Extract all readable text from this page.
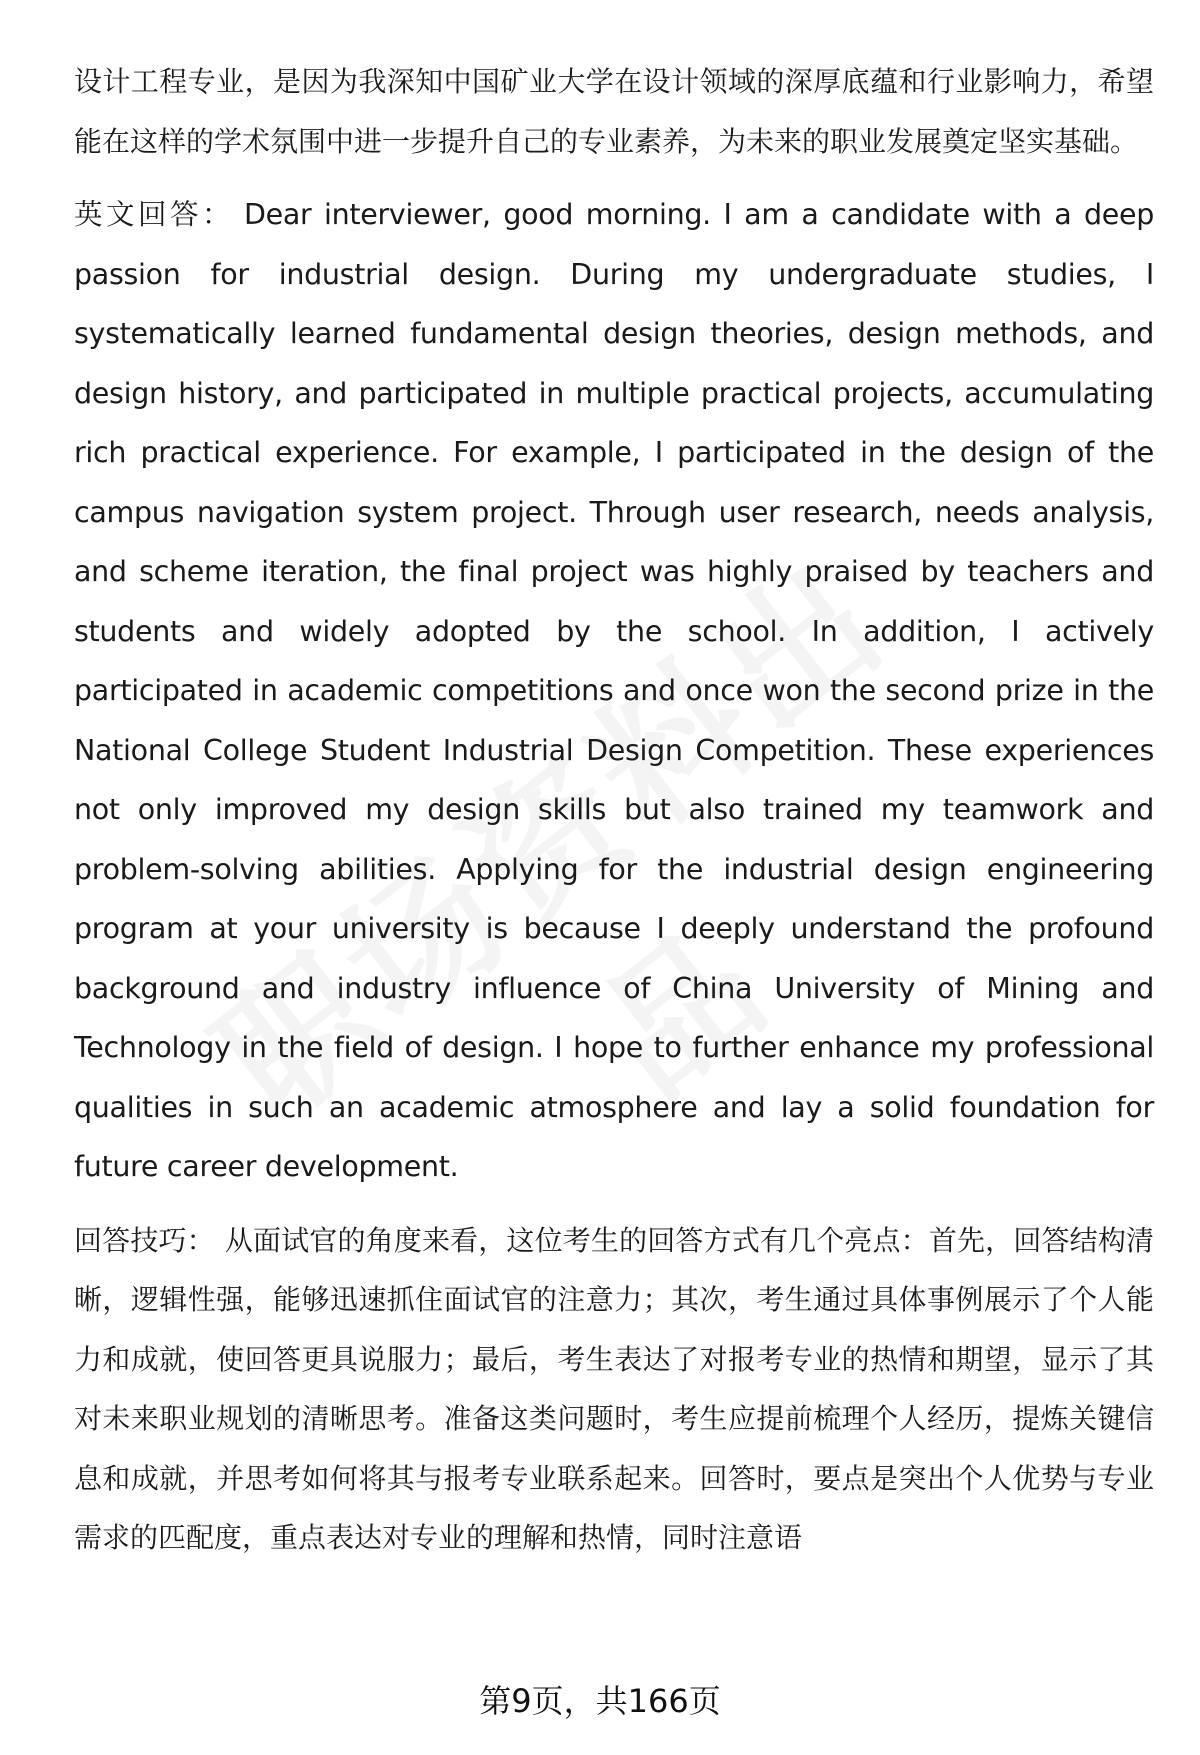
设计工程专业，是因为我深知中国矿业大学在设计领域的深厚底蕴和行业影响力，希望能在这样的学术氛围中进一步提升自己的专业素养，为未来的职业发展奠定坚实基础。

英文回答： Dear interviewer, good morning. I am a candidate with a deep passion for industrial design. During my undergraduate studies, I systematically learned fundamental design theories, design methods, and design history, and participated in multiple practical projects, accumulating rich practical experience. For example, I participated in the design of the campus navigation system project. Through user research, needs analysis, and scheme iteration, the final project was highly praised by teachers and students and widely adopted by the school. In addition, I actively participated in academic competitions and once won the second prize in the National College Student Industrial Design Competition. These experiences not only improved my design skills but also trained my teamwork and problem-solving abilities. Applying for the industrial design engineering program at your university is because I deeply understand the profound background and industry influence of China University of Mining and Technology in the field of design. I hope to further enhance my professional qualities in such an academic atmosphere and lay a solid foundation for future career development.

回答技巧： 从面试官的角度来看，这位考生的回答方式有几个亮点：首先，回答结构清晰，逻辑性强，能够迅速抓住面试官的注意力；其次，考生通过具体事例展示了个人能力和成就，使回答更具说服力；最后，考生表达了对报考专业的热情和期望，显示了其对未来职业规划的清晰思考。准备这类问题时，考生应提前梳理个人经历，提炼关键信息和成就，并思考如何将其与报考专业联系起来。回答时，要点是突出个人优势与专业需求的匹配度，重点表达对专业的理解和热情，同时注意语

第9页，共166页
